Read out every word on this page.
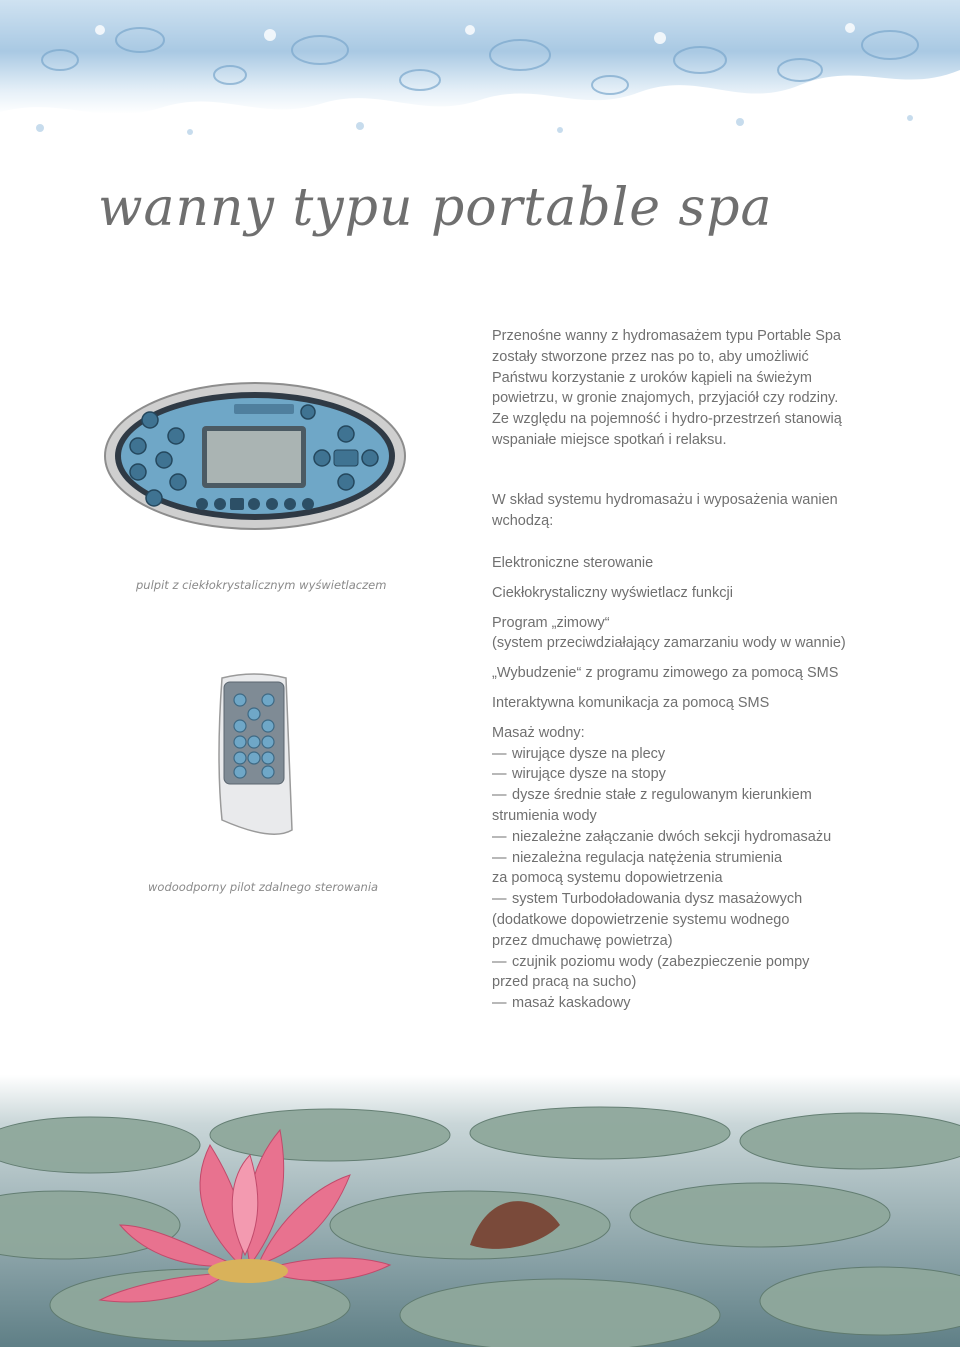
wanny typu portable spa
pulpit z ciekłokrystalicznym wyświetlaczem
wodoodporny pilot zdalnego sterowania
Przenośne wanny z hydromasażem typu Portable Spa
zostały stworzone przez nas po to, aby umożliwić
Państwu korzystanie z uroków kąpieli na świeżym
powietrzu, w gronie znajomych, przyjaciół czy rodziny.
Ze względu na pojemność i hydro-przestrzeń stanowią
wspaniałe miejsce spotkań i relaksu.
W skład systemu hydromasażu i wyposażenia wanien
wchodzą:
Elektroniczne sterowanie
Ciekłokrystaliczny wyświetlacz funkcji
Program „zimowy“
(system przeciwdziałający zamarzaniu wody w wannie)
„Wybudzenie“ z programu zimowego za pomocą SMS
Interaktywna komunikacja za pomocą SMS
Masaż wodny:
— wirujące dysze na plecy
— wirujące dysze na stopy
— dysze średnie stałe z regulowanym kierunkiem
strumienia wody
— niezależne załączanie dwóch sekcji hydromasażu
— niezależna regulacja natężenia strumienia
za pomocą systemu dopowietrzenia
— system Turbodoładowania dysz masażowych
(dodatkowe dopowietrzenie systemu wodnego
przez dmuchawę powietrza)
— czujnik poziomu wody (zabezpieczenie pompy
przed pracą na sucho)
— masaż kaskadowy
